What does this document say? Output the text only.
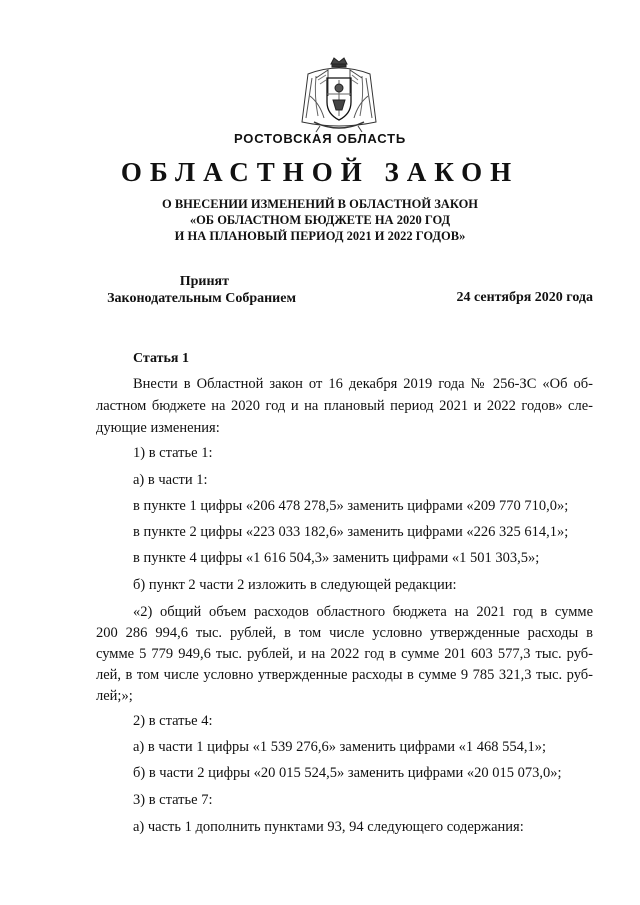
РОСТОВСКАЯ ОБЛАСТЬ
ОБЛАСТНОЙ ЗАКОН
О ВНЕСЕНИИ ИЗМЕНЕНИЙ В ОБЛАСТНОЙ ЗАКОН
«ОБ ОБЛАСТНОМ БЮДЖЕТЕ НА 2020 ГОД
И НА ПЛАНОВЫЙ ПЕРИОД 2021 И 2022 ГОДОВ»
Принят
Законодательным Собранием	24 сентября 2020 года
Статья 1
Внести в Областной закон от 16 декабря 2019 года № 256-ЗС «Об об-
ластном бюджете на 2020 год и на плановый период 2021 и 2022 годов» сле-
дующие изменения:
1) в статье 1:
а) в части 1:
в пункте 1 цифры «206 478 278,5» заменить цифрами «209 770 710,0»;
в пункте 2 цифры «223 033 182,6» заменить цифрами «226 325 614,1»;
в пункте 4 цифры «1 616 504,3» заменить цифрами «1 501 303,5»;
б) пункт 2 части 2 изложить в следующей редакции:
«2) общий объем расходов областного бюджета на 2021 год в сумме
200 286 994,6 тыс. рублей, в том числе условно утвержденные расходы в
сумме 5 779 949,6 тыс. рублей, и на 2022 год в сумме 201 603 577,3 тыс. руб-
лей, в том числе условно утвержденные расходы в сумме 9 785 321,3 тыс. руб-
лей;»;
2) в статье 4:
а) в части 1 цифры «1 539 276,6» заменить цифрами «1 468 554,1»;
б) в части 2 цифры «20 015 524,5» заменить цифрами «20 015 073,0»;
3) в статье 7:
а) часть 1 дополнить пунктами 93, 94 следующего содержания:
